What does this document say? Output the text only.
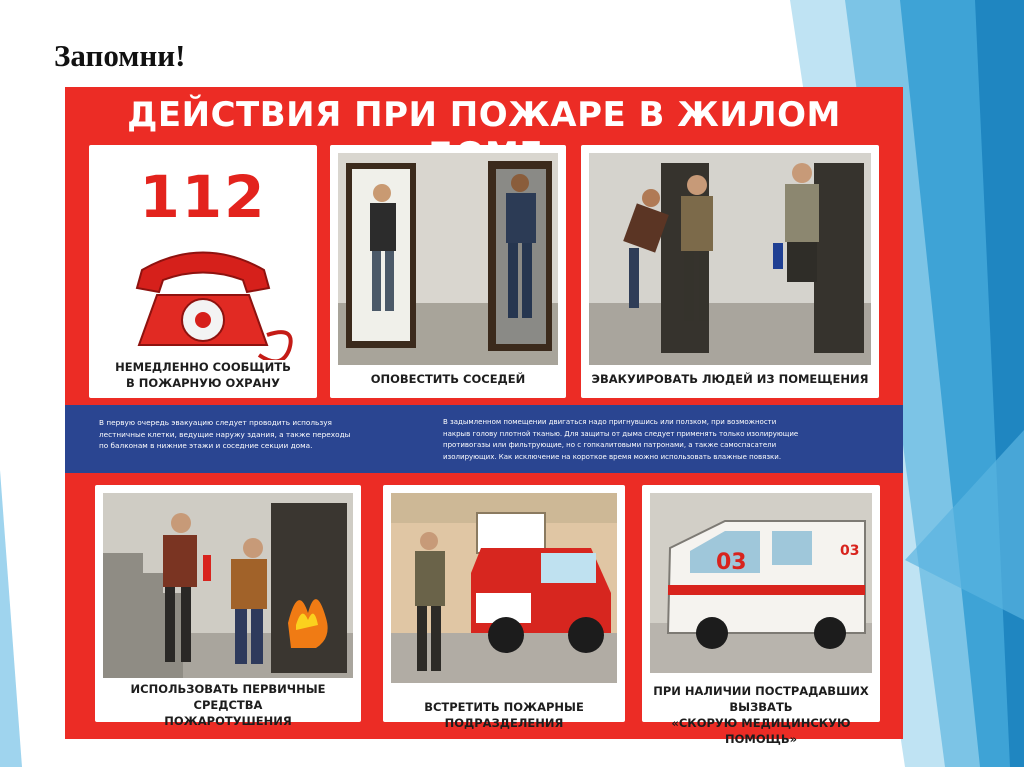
Запомни!
ДЕЙСТВИЯ ПРИ ПОЖАРЕ В ЖИЛОМ
112
НЕМЕДЛЕННО СООБЩИТЬ
В ПОЖАРНУЮ ОХРАНУ	ОПОВЕСТИТЬ СОСЕДЕЙ	ЭВАКУИРОВАТЬ ЛЮДЕЙ ИЗ ПОМЕЩЕНИЯ

В первую очередь эвакуацию следует проводить используя
лестничные клетки, ведущие наружу здания, а также переходы
по балконам в нижние этажи и соседние секции дома.

В задымленном помещении двигаться надо пригнувшись или ползком, при возможности
накрыв голову плотной тканью. Для защиты от дыма следует применять только изолирующие
противогазы или фильтрующие, но с гопкалитовыми патронами, а также самоспасатели
изолирующих. Как исключение на короткое время можно использовать влажные повязки.

ИСПОЛЬЗОВАТЬ ПЕРВИЧНЫЕ СРЕДСТВА
ПОЖАРОТУШЕНИЯ
ВСТРЕТИТЬ ПОЖАРНЫЕ ПОДРАЗДЕЛЕНИЯ
03	03
ПРИ НАЛИЧИИ ПОСТРАДАВШИХ ВЫЗВАТЬ
«СКОРУЮ МЕДИЦИНСКУЮ ПОМОЩЬ»
